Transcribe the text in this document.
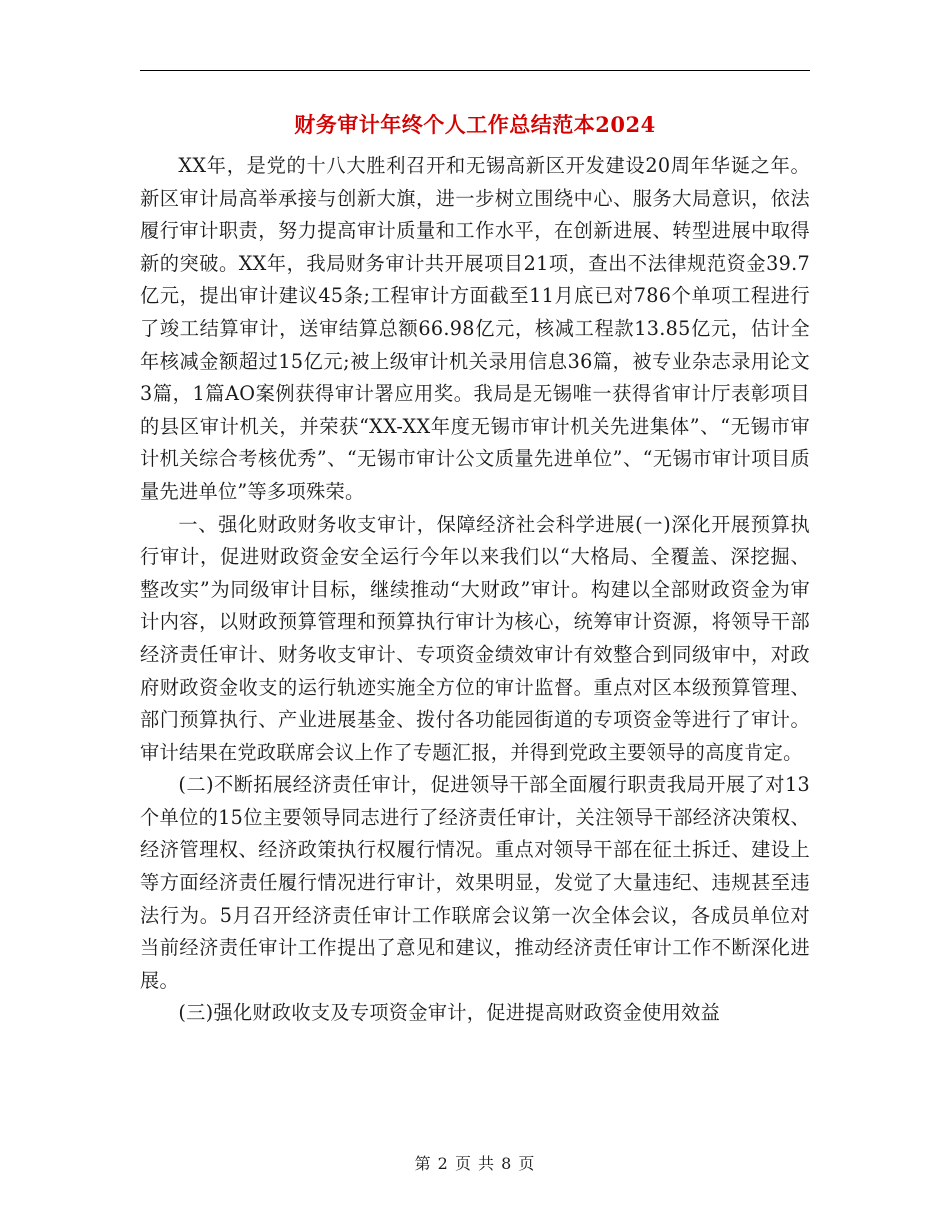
财务审计年终个人工作总结范本2024

XX年，是党的十八大胜利召开和无锡高新区开发建设20周年华诞之年。新区审计局高举承接与创新大旗，进一步树立围绕中心、服务大局意识，依法履行审计职责，努力提高审计质量和工作水平，在创新进展、转型进展中取得新的突破。XX年，我局财务审计共开展项目21项，查出不法律规范资金39.7亿元，提出审计建议45条;工程审计方面截至11月底已对786个单项工程进行了竣工结算审计，送审结算总额66.98亿元，核减工程款13.85亿元，估计全年核减金额超过15亿元;被上级审计机关录用信息36篇，被专业杂志录用论文3篇，1篇AO案例获得审计署应用奖。我局是无锡唯一获得省审计厅表彰项目的县区审计机关，并荣获“XX-XX年度无锡市审计机关先进集体”、“无锡市审计机关综合考核优秀”、“无锡市审计公文质量先进单位”、“无锡市审计项目质量先进单位”等多项殊荣。

一、强化财政财务收支审计，保障经济社会科学进展(一)深化开展预算执行审计，促进财政资金安全运行今年以来我们以“大格局、全覆盖、深挖掘、整改实”为同级审计目标，继续推动“大财政”审计。构建以全部财政资金为审计内容，以财政预算管理和预算执行审计为核心，统筹审计资源，将领导干部经济责任审计、财务收支审计、专项资金绩效审计有效整合到同级审中，对政府财政资金收支的运行轨迹实施全方位的审计监督。重点对区本级预算管理、部门预算执行、产业进展基金、拨付各功能园街道的专项资金等进行了审计。审计结果在党政联席会议上作了专题汇报，并得到党政主要领导的高度肯定。

(二)不断拓展经济责任审计，促进领导干部全面履行职责我局开展了对13个单位的15位主要领导同志进行了经济责任审计，关注领导干部经济决策权、经济管理权、经济政策执行权履行情况。重点对领导干部在征土拆迁、建设上等方面经济责任履行情况进行审计，效果明显，发觉了大量违纪、违规甚至违法行为。5月召开经济责任审计工作联席会议第一次全体会议，各成员单位对当前经济责任审计工作提出了意见和建议，推动经济责任审计工作不断深化进展。

(三)强化财政收支及专项资金审计，促进提高财政资金使用效益

第 2 页 共 8 页
